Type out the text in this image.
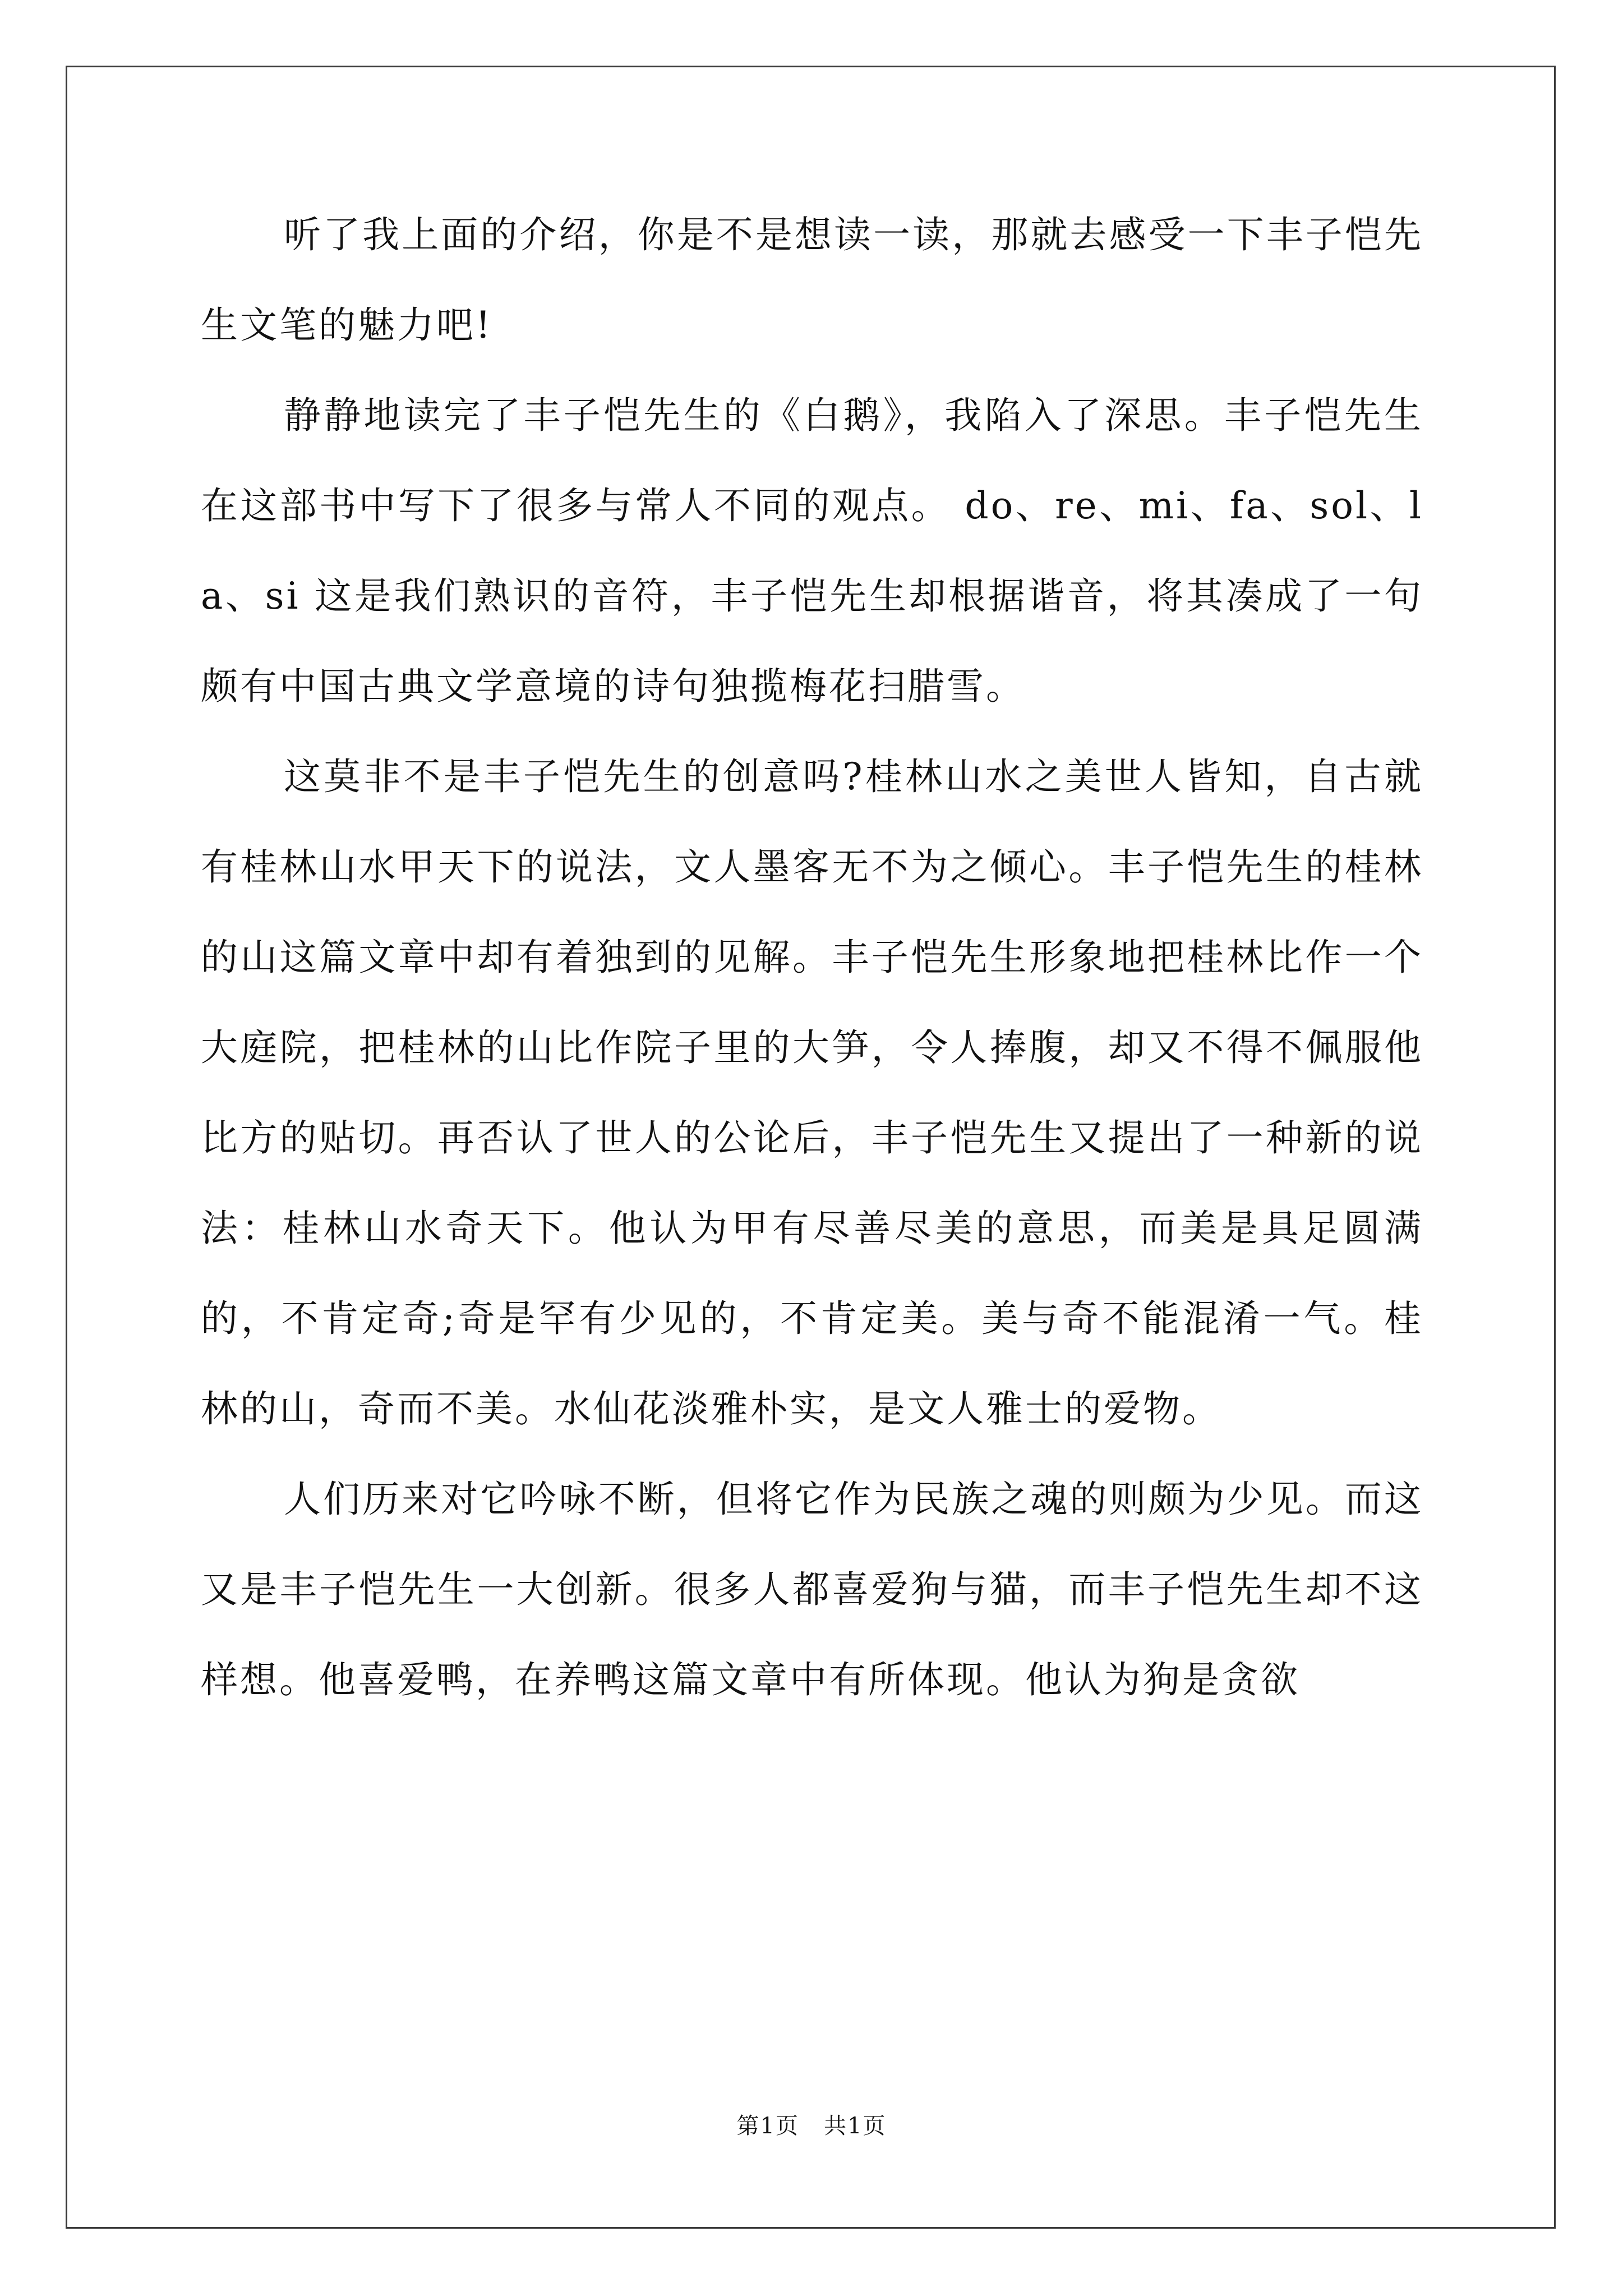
听了我上面的介绍，你是不是想读一读，那就去感受一下丰子恺先生文笔的魅力吧!

静静地读完了丰子恺先生的《白鹅》，我陷入了深思。丰子恺先生在这部书中写下了很多与常人不同的观点。 do、re、mi、fa、sol、la、si 这是我们熟识的音符，丰子恺先生却根据谐音，将其凑成了一句颇有中国古典文学意境的诗句独揽梅花扫腊雪。

这莫非不是丰子恺先生的创意吗?桂林山水之美世人皆知，自古就有桂林山水甲天下的说法，文人墨客无不为之倾心。丰子恺先生的桂林的山这篇文章中却有着独到的见解。丰子恺先生形象地把桂林比作一个大庭院，把桂林的山比作院子里的大笋，令人捧腹，却又不得不佩服他比方的贴切。再否认了世人的公论后，丰子恺先生又提出了一种新的说法：桂林山水奇天下。他认为甲有尽善尽美的意思，而美是具足圆满的，不肯定奇;奇是罕有少见的，不肯定美。美与奇不能混淆一气。桂林的山，奇而不美。水仙花淡雅朴实，是文人雅士的爱物。

人们历来对它吟咏不断，但将它作为民族之魂的则颇为少见。而这又是丰子恺先生一大创新。很多人都喜爱狗与猫，而丰子恺先生却不这样想。他喜爱鸭，在养鸭这篇文章中有所体现。他认为狗是贪欲

第1页 共1页
